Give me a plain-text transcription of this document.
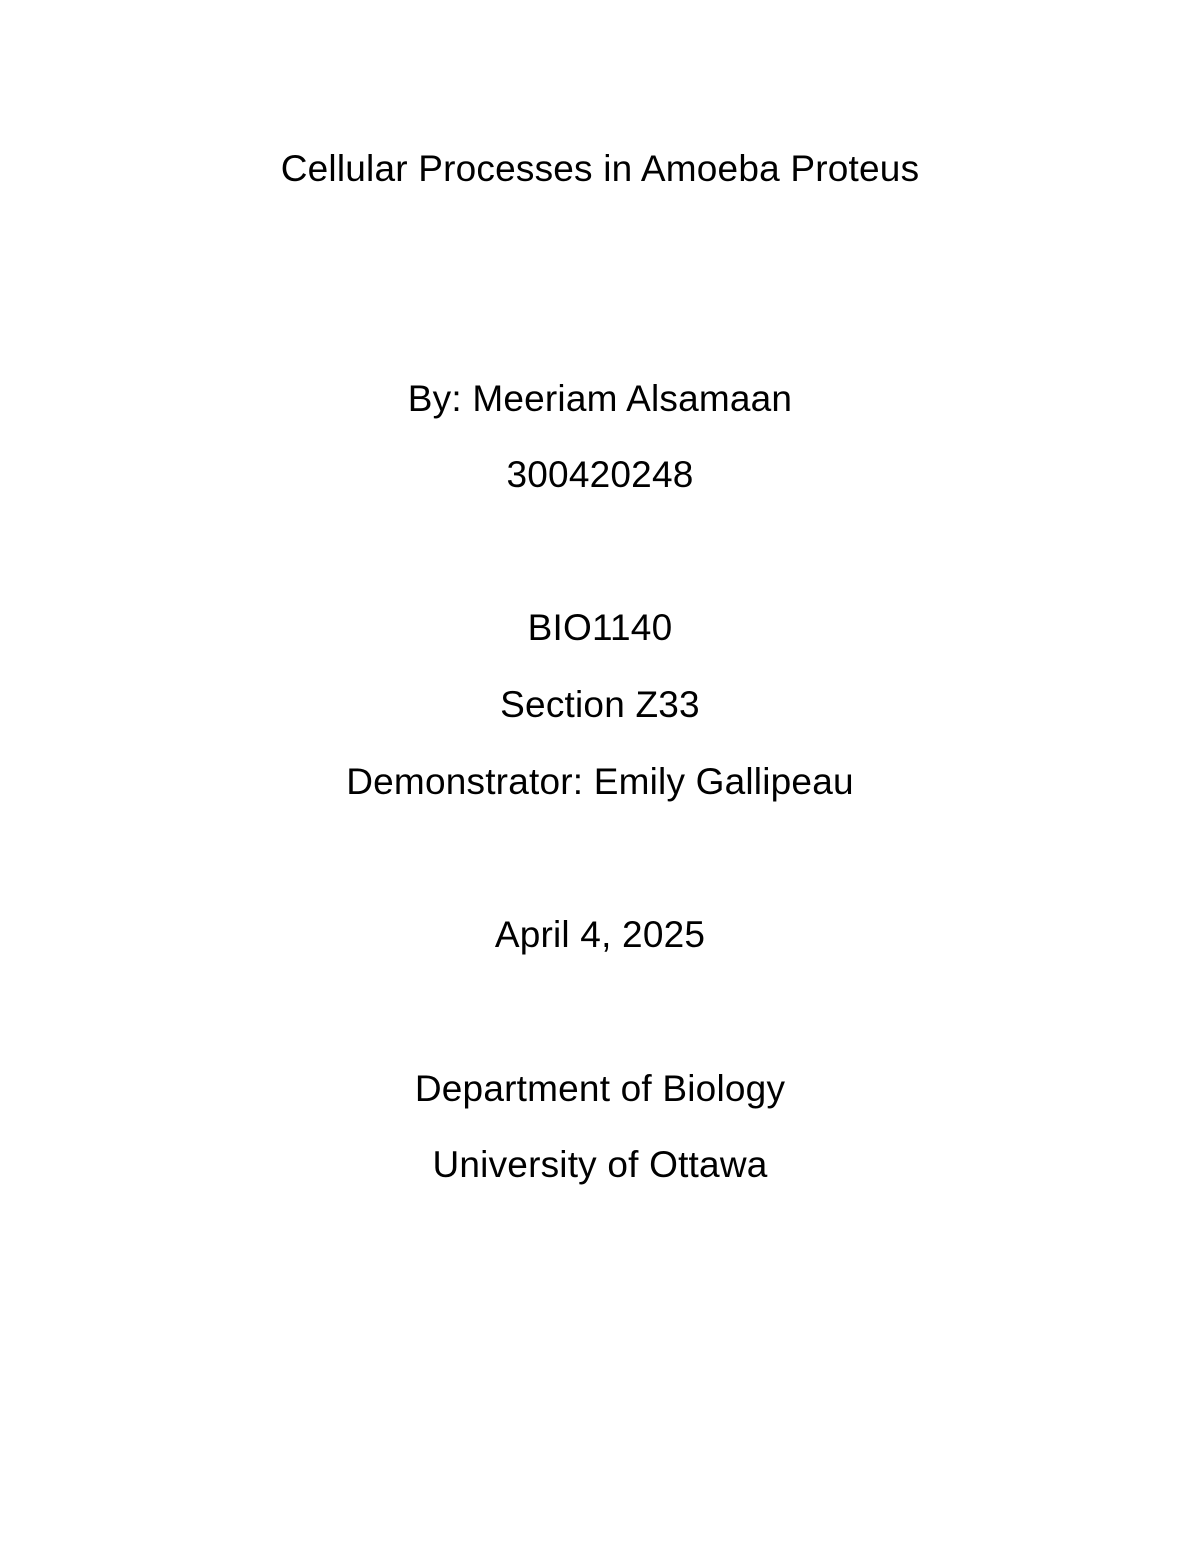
Cellular Processes in Amoeba Proteus
By: Meeriam Alsamaan
300420248
BIO1140
Section Z33
Demonstrator: Emily Gallipeau
April 4, 2025
Department of Biology
University of Ottawa
